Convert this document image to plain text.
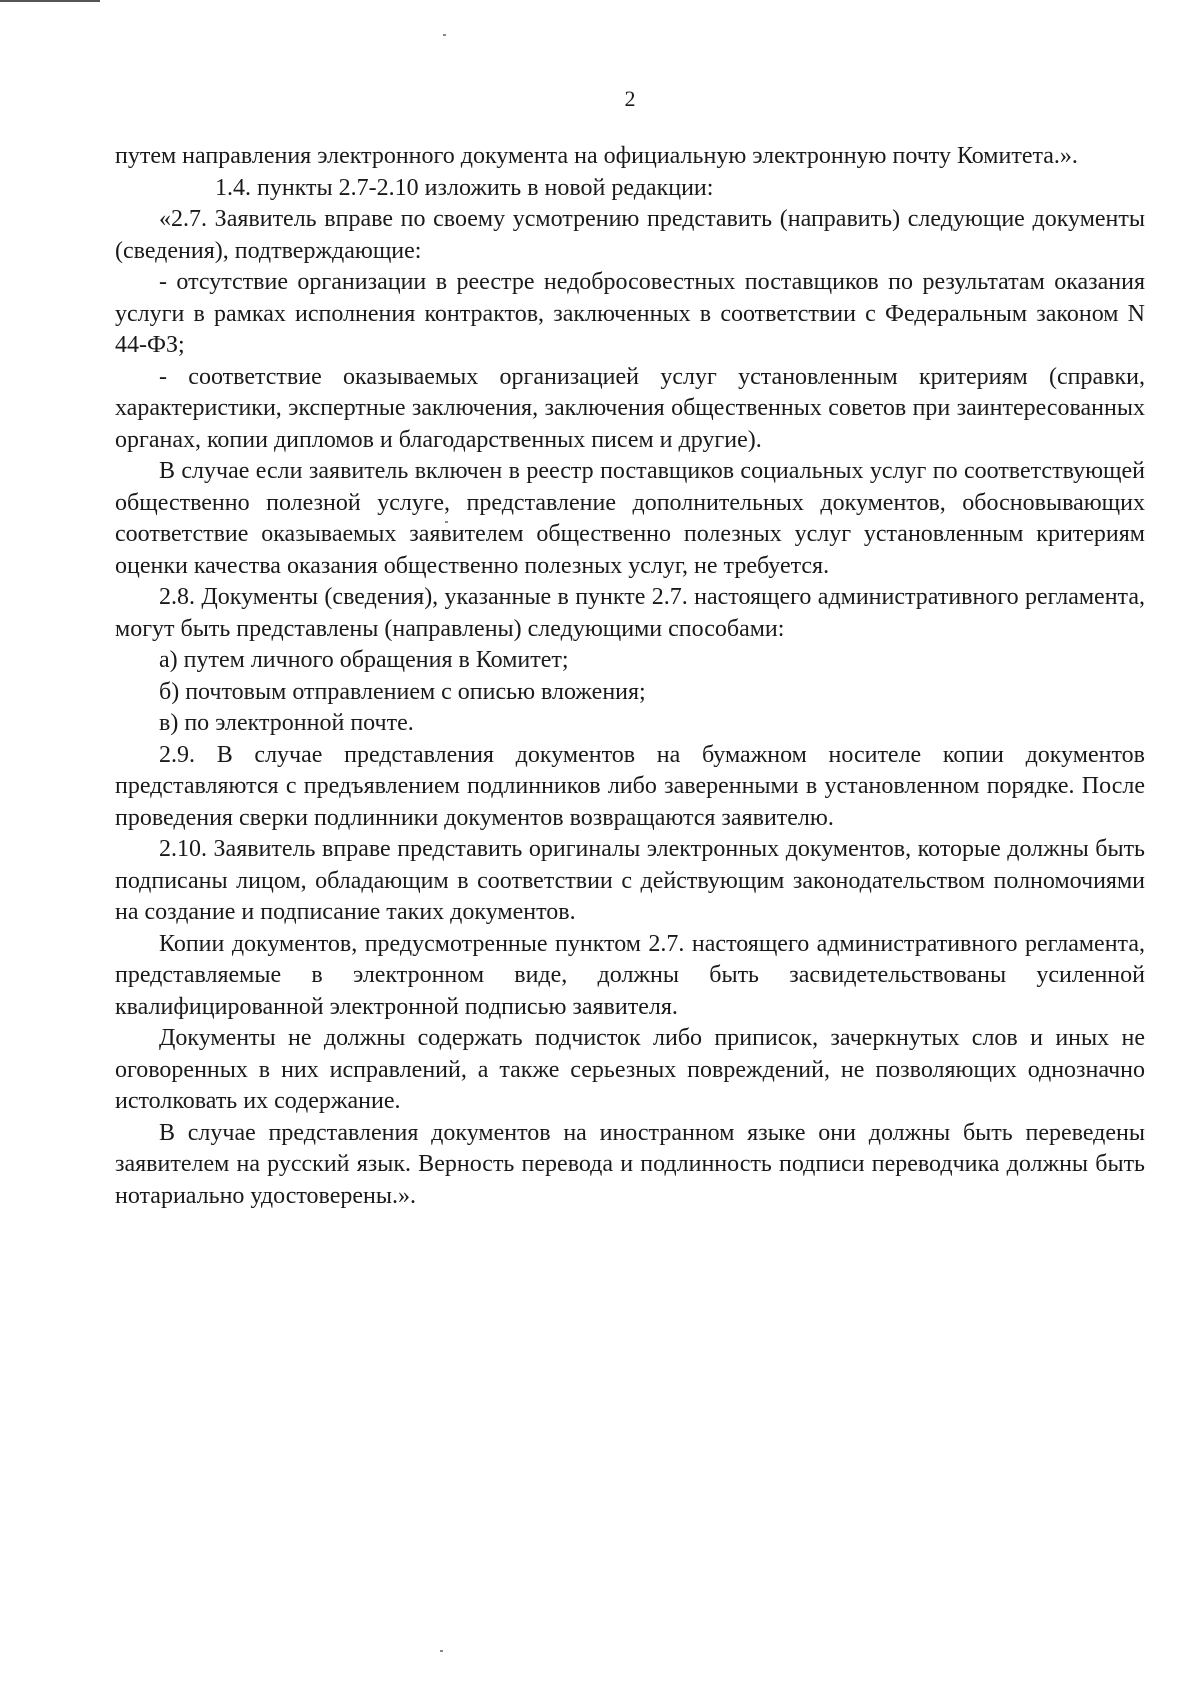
2

путем направления электронного документа на официальную электронную почту Комитета.».

1.4. пункты 2.7-2.10 изложить в новой редакции:

«2.7. Заявитель вправе по своему усмотрению представить (направить) следующие документы (сведения), подтверждающие:

- отсутствие организации в реестре недобросовестных поставщиков по результатам оказания услуги в рамках исполнения контрактов, заключенных в соответствии с Федеральным законом N 44-ФЗ;

- соответствие оказываемых организацией услуг установленным критериям (справки, характеристики, экспертные заключения, заключения общественных советов при заинтересованных органах, копии дипломов и благодарственных писем и другие).

В случае если заявитель включен в реестр поставщиков социальных услуг по соответствующей общественно полезной услуге, представление дополнительных документов, обосновывающих соответствие оказываемых заявителем общественно полезных услуг установленным критериям оценки качества оказания общественно полезных услуг, не требуется.

2.8. Документы (сведения), указанные в пункте 2.7. настоящего административного регламента, могут быть представлены (направлены) следующими способами:

а) путем личного обращения в Комитет;

б) почтовым отправлением с описью вложения;

в) по электронной почте.

2.9. В случае представления документов на бумажном носителе копии документов представляются с предъявлением подлинников либо заверенными в установленном порядке. После проведения сверки подлинники документов возвращаются заявителю.

2.10. Заявитель вправе представить оригиналы электронных документов, которые должны быть подписаны лицом, обладающим в соответствии с действующим законодательством полномочиями на создание и подписание таких документов.

Копии документов, предусмотренные пунктом 2.7. настоящего административного регламента, представляемые в электронном виде, должны быть засвидетельствованы усиленной квалифицированной электронной подписью заявителя.

Документы не должны содержать подчисток либо приписок, зачеркнутых слов и иных не оговоренных в них исправлений, а также серьезных повреждений, не позволяющих однозначно истолковать их содержание.

В случае представления документов на иностранном языке они должны быть переведены заявителем на русский язык. Верность перевода и подлинность подписи переводчика должны быть нотариально удостоверены.».
